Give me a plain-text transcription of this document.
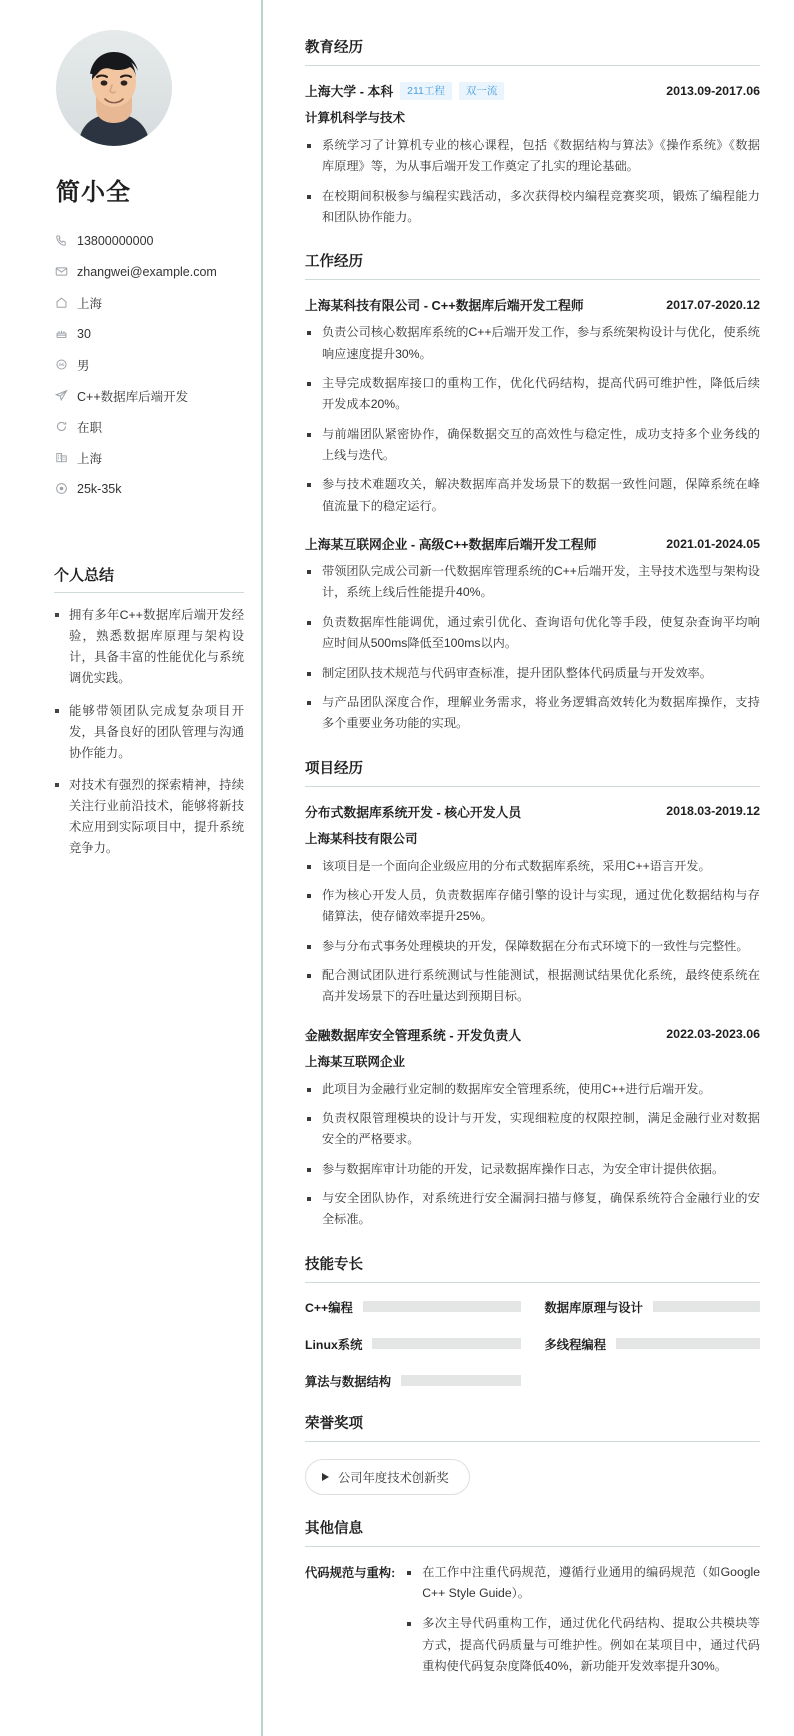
简小全
13800000000
zhangwei@example.com
上海
30
男
C++数据库后端开发
在职
上海
25k-35k
个人总结
拥有多年C++数据库后端开发经验，熟悉数据库原理与架构设计，具备丰富的性能优化与系统调优实践。
能够带领团队完成复杂项目开发，具备良好的团队管理与沟通协作能力。
对技术有强烈的探索精神，持续关注行业前沿技术，能够将新技术应用到实际项目中，提升系统竞争力。
教育经历
上海大学 - 本科	211工程	双一流	2013.09-2017.06
计算机科学与技术
系统学习了计算机专业的核心课程，包括《数据结构与算法》《操作系统》《数据库原理》等，为从事后端开发工作奠定了扎实的理论基础。
在校期间积极参与编程实践活动，多次获得校内编程竞赛奖项，锻炼了编程能力和团队协作能力。
工作经历
上海某科技有限公司 - C++数据库后端开发工程师	2017.07-2020.12
负责公司核心数据库系统的C++后端开发工作，参与系统架构设计与优化，使系统响应速度提升30%。
主导完成数据库接口的重构工作，优化代码结构，提高代码可维护性，降低后续开发成本20%。
与前端团队紧密协作，确保数据交互的高效性与稳定性，成功支持多个业务线的上线与迭代。
参与技术难题攻关，解决数据库高并发场景下的数据一致性问题，保障系统在峰值流量下的稳定运行。
上海某互联网企业 - 高级C++数据库后端开发工程师	2021.01-2024.05
带领团队完成公司新一代数据库管理系统的C++后端开发，主导技术选型与架构设计，系统上线后性能提升40%。
负责数据库性能调优，通过索引优化、查询语句优化等手段，使复杂查询平均响应时间从500ms降低至100ms以内。
制定团队技术规范与代码审查标准，提升团队整体代码质量与开发效率。
与产品团队深度合作，理解业务需求，将业务逻辑高效转化为数据库操作，支持多个重要业务功能的实现。
项目经历
分布式数据库系统开发 - 核心开发人员	2018.03-2019.12
上海某科技有限公司
该项目是一个面向企业级应用的分布式数据库系统，采用C++语言开发。
作为核心开发人员，负责数据库存储引擎的设计与实现，通过优化数据结构与存储算法，使存储效率提升25%。
参与分布式事务处理模块的开发，保障数据在分布式环境下的一致性与完整性。
配合测试团队进行系统测试与性能测试，根据测试结果优化系统，最终使系统在高并发场景下的吞吐量达到预期目标。
金融数据库安全管理系统 - 开发负责人	2022.03-2023.06
上海某互联网企业
此项目为金融行业定制的数据库安全管理系统，使用C++进行后端开发。
负责权限管理模块的设计与开发，实现细粒度的权限控制，满足金融行业对数据安全的严格要求。
参与数据库审计功能的开发，记录数据库操作日志，为安全审计提供依据。
与安全团队协作，对系统进行安全漏洞扫描与修复，确保系统符合金融行业的安全标准。
技能专长
C++编程	数据库原理与设计
Linux系统	多线程编程
算法与数据结构
荣誉奖项
公司年度技术创新奖
其他信息
代码规范与重构:	在工作中注重代码规范，遵循行业通用的编码规范（如Google C++ Style Guide）。
多次主导代码重构工作，通过优化代码结构、提取公共模块等方式，提高代码质量与可维护性。例如在某项目中，通过代码重构使代码复杂度降低40%，新功能开发效率提升30%。
